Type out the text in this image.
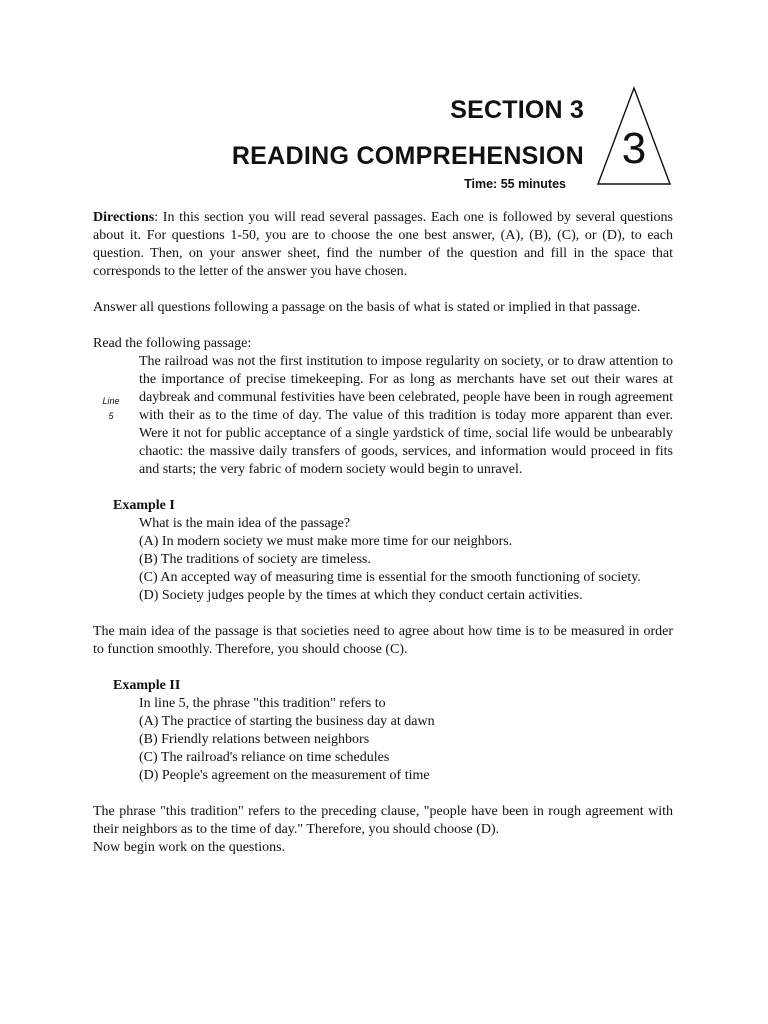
SECTION 3
READING COMPREHENSION
Time: 55 minutes
3

Directions: In this section you will read several passages. Each one is followed by several questions about it. For questions 1-50, you are to choose the one best answer, (A), (B), (C), or (D), to each question. Then, on your answer sheet, find the number of the question and fill in the space that corresponds to the letter of the answer you have chosen.

Answer all questions following a passage on the basis of what is stated or implied in that passage.

Read the following passage:

Line
5
The railroad was not the first institution to impose regularity on society, or to draw attention to the importance of precise timekeeping. For as long as merchants have set out their wares at daybreak and communal festivities have been celebrated, people have been in rough agreement with their as to the time of day. The value of this tradition is today more apparent than ever. Were it not for public acceptance of a single yardstick of time, social life would be unbearably chaotic: the massive daily transfers of goods, services, and information would proceed in fits and starts; the very fabric of modern society would begin to unravel.
Example I
What is the main idea of the passage?
(A) In modern society we must make more time for our neighbors.
(B) The traditions of society are timeless.
(C) An accepted way of measuring time is essential for the smooth functioning of society.
(D) Society judges people by the times at which they conduct certain activities.

The main idea of the passage is that societies need to agree about how time is to be measured in order to function smoothly. Therefore, you should choose (C).

Example II
In line 5, the phrase "this tradition" refers to
(A) The practice of starting the business day at dawn
(B) Friendly relations between neighbors
(C) The railroad's reliance on time schedules
(D) People's agreement on the measurement of time

The phrase "this tradition" refers to the preceding clause, "people have been in rough agreement with their neighbors as to the time of day." Therefore, you should choose (D).

Now begin work on the questions.
